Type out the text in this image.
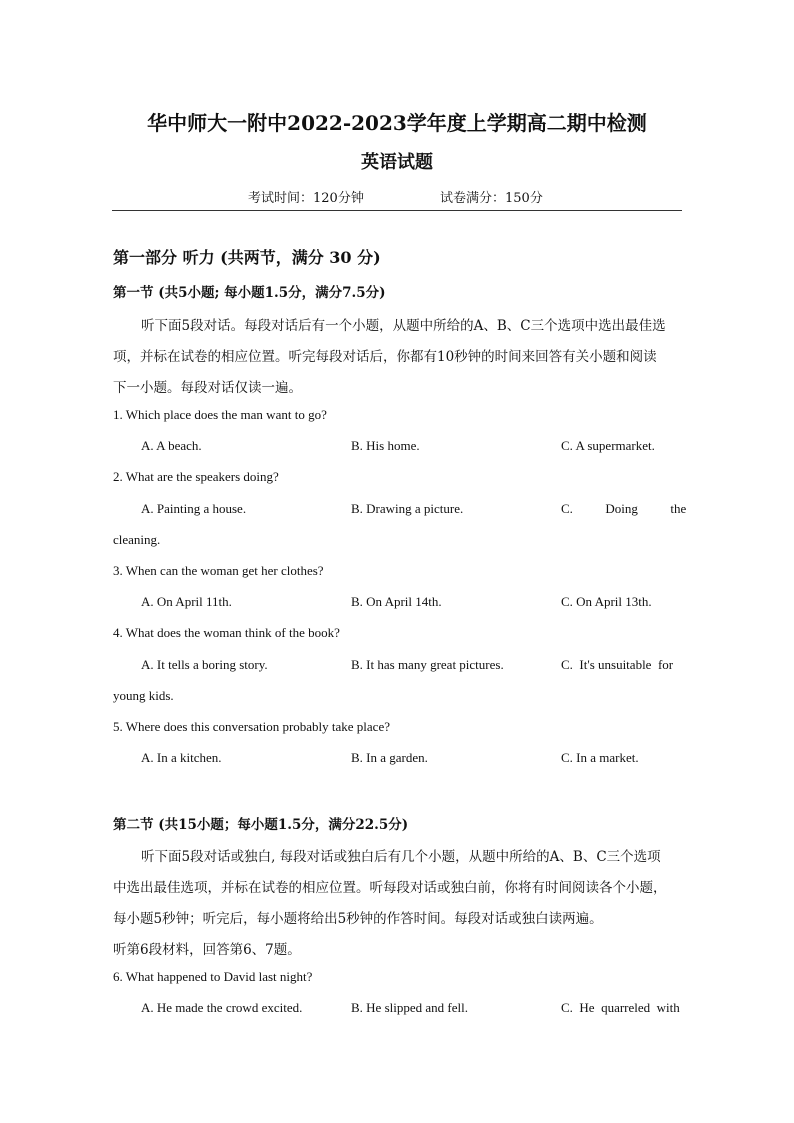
华中师大一附中2022-2023学年度上学期高二期中检测
英语试题
考试时间：120分钟	试卷满分：150分
第一部分 听力 (共两节，满分 30 分)
第一节 (共5小题; 每小题1.5分，满分7.5分)
听下面5段对话。每段对话后有一个小题，从题中所给的A、B、C三个选项中选出最佳选
项，并标在试卷的相应位置。听完每段对话后，你都有10秒钟的时间来回答有关小题和阅读
下一小题。每段对话仅读一遍。
1. Which place does the man want to go?
A. A beach.	B. His home.	C. A supermarket.
2. What are the speakers doing?
A. Painting a house.	B. Drawing a picture.	C.          Doing          the
cleaning.
3. When can the woman get her clothes?
A. On April 11th.	B. On April 14th.	C. On April 13th.
4. What does the woman think of the book?
A. It tells a boring story.	B. It has many great pictures.	C.  It's unsuitable  for
young kids.
5. Where does this conversation probably take place?
A. In a kitchen.	B. In a garden.	C. In a market.
第二节 (共15小题；每小题1.5分，满分22.5分)
听下面5段对话或独白, 每段对话或独白后有几个小题，从题中所给的A、B、C三个选项
中选出最佳选项，并标在试卷的相应位置。听每段对话或独白前，你将有时间阅读各个小题，
每小题5秒钟；听完后，每小题将给出5秒钟的作答时间。每段对话或独白读两遍。
听第6段材料，回答第6、7题。
6. What happened to David last night?
A. He made the crowd excited.	B. He slipped and fell.	C.  He  quarreled  with
